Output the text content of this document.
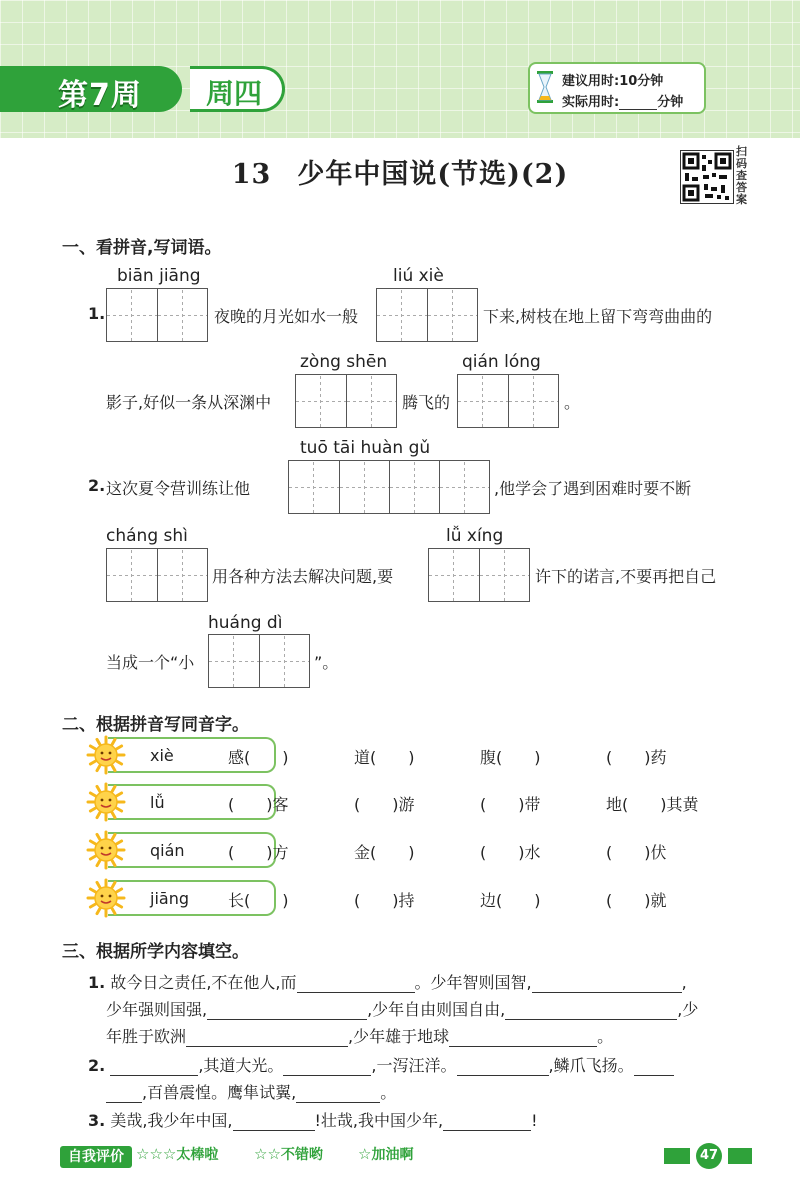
第7周 周四	建议用时:10分钟
实际用时:	分钟
13 少年中国说(节选)(2)
扫码查答案
一、看拼音,写词语。
biān jiāng
1.	夜晚的月光如水一般
liú xiè
下来,树枝在地上留下弯弯曲曲的
zòng shēn
影子,好似一条从深渊中	腾飞的
qián lóng
。
tuō tāi huàn gǔ
2. 这次夏令营训练让他	,他学会了遇到困难时要不断
cháng shì
用各种方法去解决问题,要
lǚ xíng
许下的诺言,不要再把自己
huáng dì
当成一个“小	”。
二、根据拼音写同音字。
xiè	感(　　)	道(　　)	腹(　　)	(　　)药
lǚ	(　　)客	(　　)游	(　　)带	地(　　)其黄
qián	(　　)方	金(　　)	(　　)水	(　　)伏
jiāng 长(　　)	(　　)持	边(　　)	(　　)就
三、根据所学内容填空。
1. 故今日之责任,不在他人,而	。少年智则国智,	,
少年强则国强,	,少年自由则国自由,	,少
年胜于欧洲	,少年雄于地球	。
2.	,其道大光。	,一泻汪洋。	,鳞爪飞扬。
,百兽震惶。鹰隼试翼,	。
3. 美哉,我少年中国,	!壮哉,我中国少年,	!
自我评价 ☆☆☆太棒啦 ☆☆不错哟 ☆加油啊	47
